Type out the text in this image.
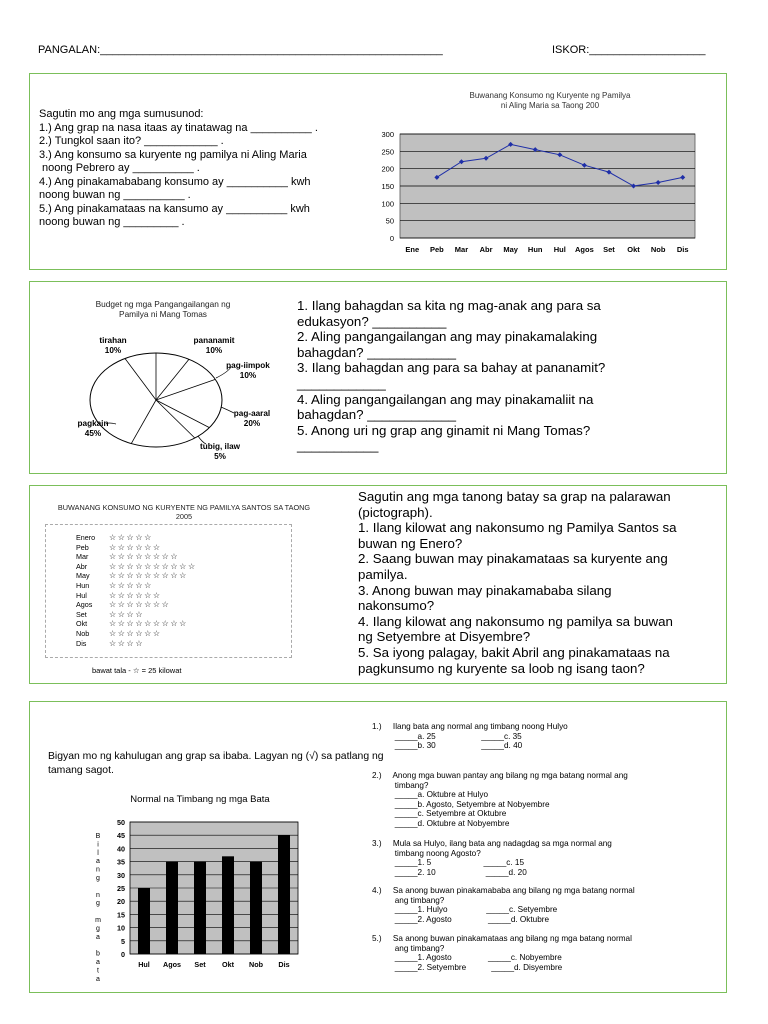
PANGALAN:________________________________________________________	ISKOR:___________________
Sagutin mo ang mga sumusunod:
1.) Ang grap na nasa itaas ay tinatawag na __________ .
2.) Tungkol saan ito? ____________ .
3.) Ang konsumo sa kuryente ng pamilya ni Aling Maria
noong Pebrero ay __________ .
4.) Ang pinakamababang konsumo ay __________ kwh
noong buwan ng __________ .
5.) Ang pinakamataas na kansumo ay __________ kwh
noong buwan ng _________ .
Buwanang Konsumo ng Kuryente ng Pamilya
ni Aling Maria sa Taong 200
0
50
100
150
200
250
300
Ene Peb Mar Abr May Hun Hul Agos Set Okt Nob Dis
Budget ng mga Pangangailangan ng
Pamilya ni Mang Tomas
tirahan
10%
pananamit
10%
pag-iimpok
10%
pag-aaral
20%
tubig, ilaw
5%
pagkain
45%
1. Ilang bahagdan sa kita ng mag-anak ang para sa
edukasyon? __________
2. Aling pangangailangan ang may pinakamalaking
bahagdan? ____________
3. Ilang bahagdan ang para sa bahay at pananamit?
____________
4. Aling pangangailangan ang may pinakamaliit na
bahagdan? ____________
5. Anong uri ng grap ang ginamit ni Mang Tomas?
___________
BUWANANG KONSUMO NG KURYENTE NG PAMILYA SANTOS SA TAONG
2005
Enero ☆☆☆☆☆
Peb	☆☆☆☆☆☆
Mar	☆☆☆☆☆☆☆☆
Abr	☆☆☆☆☆☆☆☆☆☆
May ☆☆☆☆☆☆☆☆☆
Hun ☆☆☆☆☆
Hul	☆☆☆☆☆☆
Agos ☆☆☆☆☆☆☆
Set	☆☆☆☆
Okt	☆☆☆☆☆☆☆☆☆
Nob ☆☆☆☆☆☆
Dis	☆☆☆☆
bawat tala - ☆ = 25 kilowat
Sagutin ang mga tanong batay sa grap na palarawan
(pictograph).
1. Ilang kilowat ang nakonsumo ng Pamilya Santos sa
buwan ng Enero?
2. Saang buwan may pinakamataas sa kuryente ang
pamilya.
3. Anong buwan may pinakamababa silang
nakonsumo?
4. Ilang kilowat ang nakonsumo ng pamilya sa buwan
ng Setyembre at Disyembre?
5. Sa iyong palagay, bakit Abril ang pinakamataas na
pagkunsumo ng kuryente sa loob ng isang taon?
Bigyan mo ng kahulugan ang grap sa ibaba. Lagyan ng (√) sa patlang ng
tamang sagot.
Normal na Timbang ng mga Bata
0
5
10
15
20
25
30
35
40
45
50
Hul Agos Set Okt Nob Dis
B
i
l
a
n
g
n
g
m
g
a
b
a
t
a
1.)     Ilang bata ang normal ang timbang noong Hulyo
_____a. 25                    _____c. 35
_____b. 30                    _____d. 40
2.)     Anong mga buwan pantay ang bilang ng mga batang normal ang
timbang?
_____a. Oktubre at Hulyo
_____b. Agosto, Setyembre at Nobyembre
_____c. Setyembre at Oktubre
_____d. Oktubre at Nobyembre
3.)     Mula sa Hulyo, ilang bata ang nadagdag sa mga normal ang
timbang noong Agosto?
_____1. 5                       _____c. 15
_____2. 10                      _____d. 20
4.)     Sa anong buwan pinakamababa ang bilang ng mga batang normal
ang timbang?
_____1. Hulyo                 _____c. Setyembre
_____2. Agosto                _____d. Oktubre
5.)     Sa anong buwan pinakamataas ang bilang ng mga batang normal
ang timbang?
_____1. Agosto                _____c. Nobyembre
_____2. Setyembre           _____d. Disyembre
